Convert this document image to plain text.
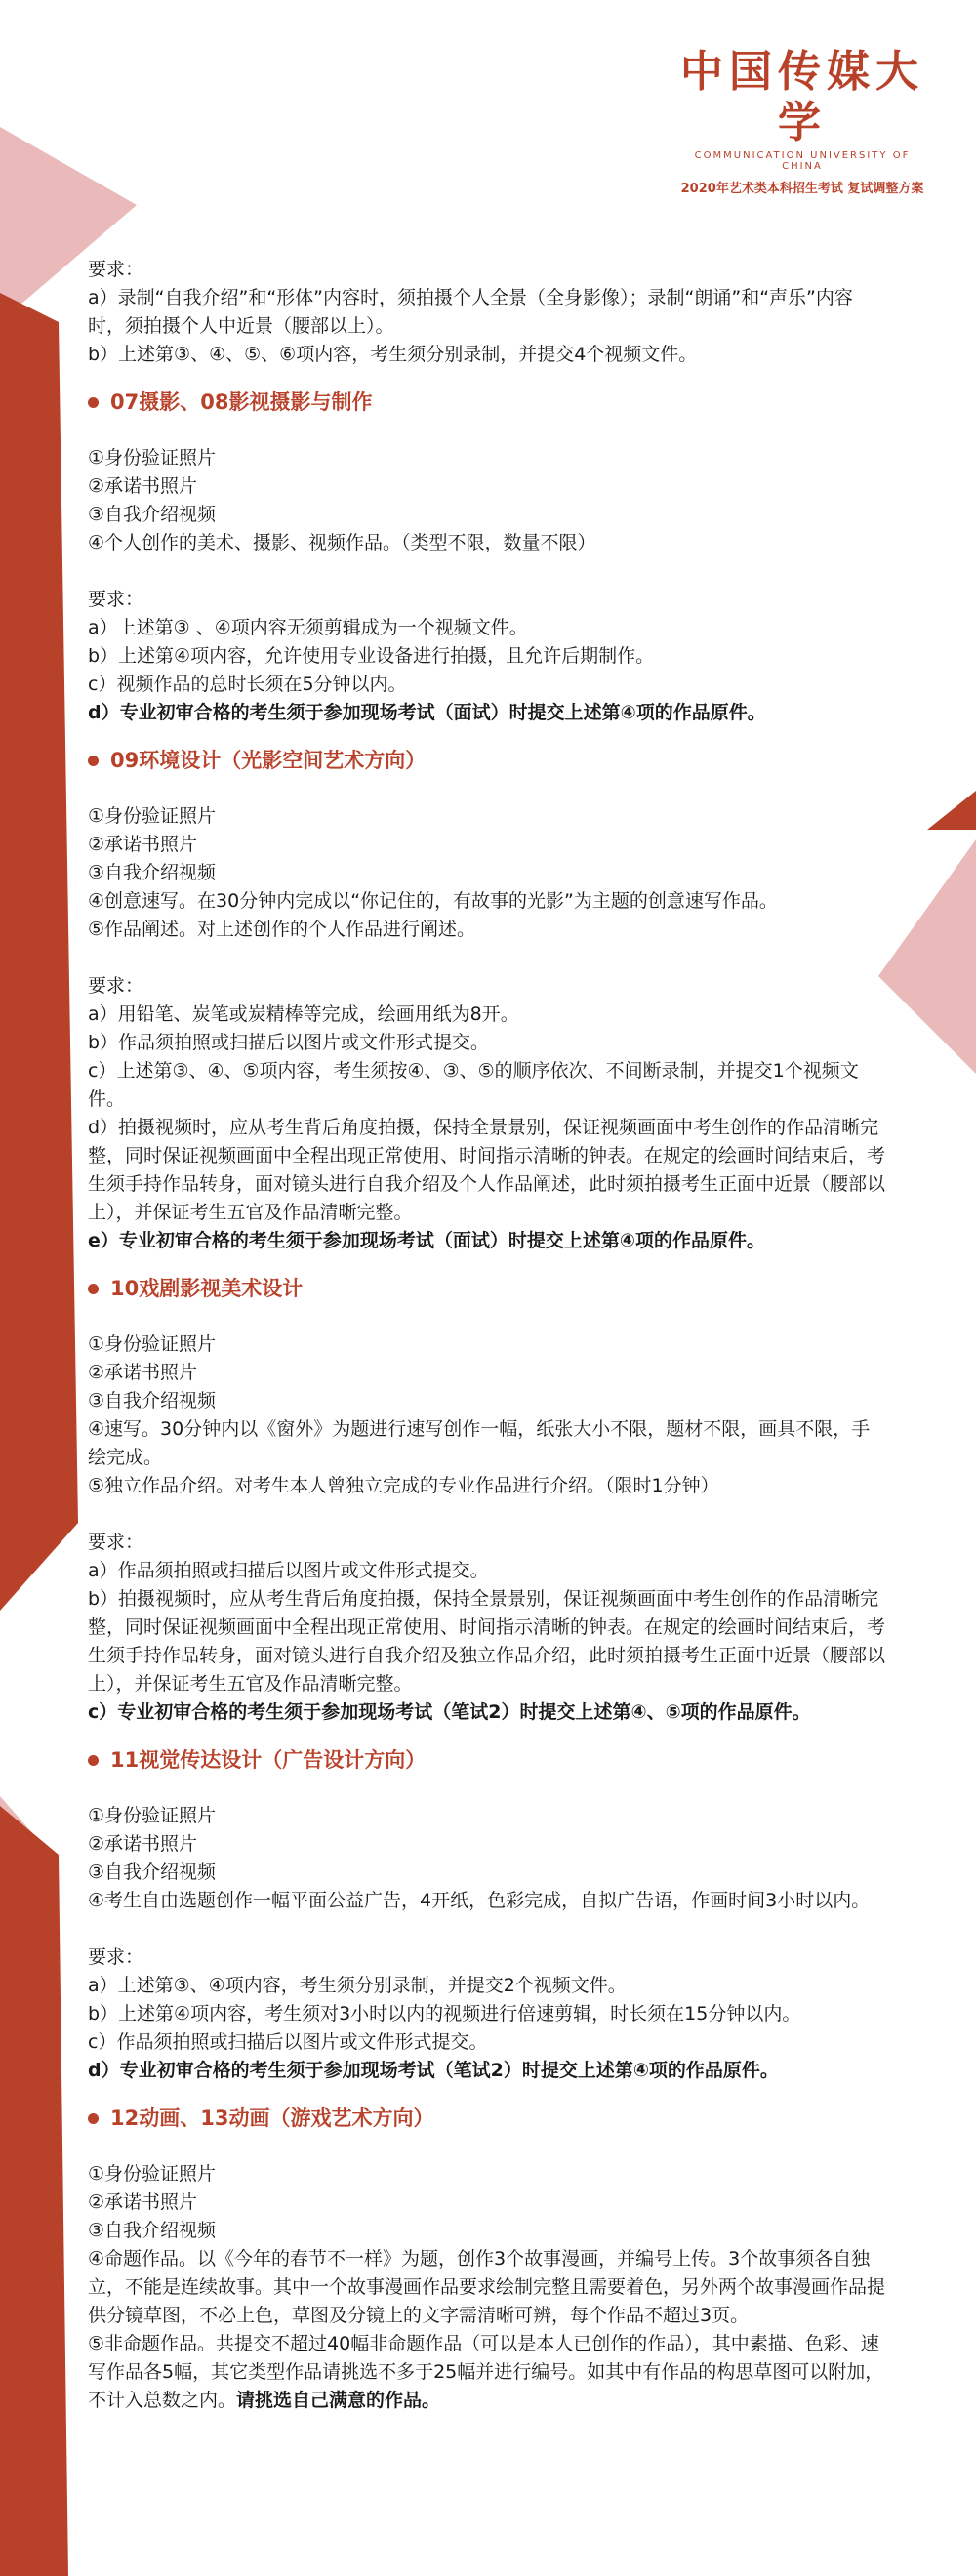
中国传媒大学
COMMUNICATION UNIVERSITY OF CHINA
2020年艺术类本科招生考试 复试调整方案
要求：
a）录制“自我介绍”和“形体”内容时，须拍摄个人全景（全身影像）；录制“朗诵”和“声乐”内容时，须拍摄个人中近景（腰部以上）。
b）上述第③、④、⑤、⑥项内容，考生须分别录制，并提交4个视频文件。
07摄影、08影视摄影与制作
①身份验证照片
②承诺书照片
③自我介绍视频
④个人创作的美术、摄影、视频作品。（类型不限，数量不限）
要求：
a）上述第③ 、④项内容无须剪辑成为一个视频文件。
b）上述第④项内容，允许使用专业设备进行拍摄，且允许后期制作。
c）视频作品的总时长须在5分钟以内。
d）专业初审合格的考生须于参加现场考试（面试）时提交上述第④项的作品原件。
09环境设计（光影空间艺术方向）
①身份验证照片
②承诺书照片
③自我介绍视频
④创意速写。在30分钟内完成以“你记住的，有故事的光影”为主题的创意速写作品。
⑤作品阐述。对上述创作的个人作品进行阐述。
要求：
a）用铅笔、炭笔或炭精棒等完成，绘画用纸为8开。
b）作品须拍照或扫描后以图片或文件形式提交。
c）上述第③、④、⑤项内容，考生须按④、③、⑤的顺序依次、不间断录制，并提交1个视频文件。
d）拍摄视频时，应从考生背后角度拍摄，保持全景景别，保证视频画面中考生创作的作品清晰完整，同时保证视频画面中全程出现正常使用、时间指示清晰的钟表。在规定的绘画时间结束后，考生须手持作品转身，面对镜头进行自我介绍及个人作品阐述，此时须拍摄考生正面中近景（腰部以上），并保证考生五官及作品清晰完整。
e）专业初审合格的考生须于参加现场考试（面试）时提交上述第④项的作品原件。
10戏剧影视美术设计
①身份验证照片
②承诺书照片
③自我介绍视频
④速写。30分钟内以《窗外》为题进行速写创作一幅，纸张大小不限，题材不限，画具不限，手绘完成。
⑤独立作品介绍。对考生本人曾独立完成的专业作品进行介绍。（限时1分钟）
要求：
a）作品须拍照或扫描后以图片或文件形式提交。
b）拍摄视频时，应从考生背后角度拍摄，保持全景景别，保证视频画面中考生创作的作品清晰完整，同时保证视频画面中全程出现正常使用、时间指示清晰的钟表。在规定的绘画时间结束后，考生须手持作品转身，面对镜头进行自我介绍及独立作品介绍，此时须拍摄考生正面中近景（腰部以上），并保证考生五官及作品清晰完整。
c）专业初审合格的考生须于参加现场考试（笔试2）时提交上述第④、⑤项的作品原件。
11视觉传达设计（广告设计方向）
①身份验证照片
②承诺书照片
③自我介绍视频
④考生自由选题创作一幅平面公益广告，4开纸，色彩完成，自拟广告语，作画时间3小时以内。
要求：
a）上述第③、④项内容，考生须分别录制，并提交2个视频文件。
b）上述第④项内容，考生须对3小时以内的视频进行倍速剪辑，时长须在15分钟以内。
c）作品须拍照或扫描后以图片或文件形式提交。
d）专业初审合格的考生须于参加现场考试（笔试2）时提交上述第④项的作品原件。
12动画、13动画（游戏艺术方向）
①身份验证照片
②承诺书照片
③自我介绍视频
④命题作品。以《今年的春节不一样》为题，创作3个故事漫画，并编号上传。3个故事须各自独立，不能是连续故事。其中一个故事漫画作品要求绘制完整且需要着色，另外两个故事漫画作品提供分镜草图，不必上色，草图及分镜上的文字需清晰可辨，每个作品不超过3页。
⑤非命题作品。共提交不超过40幅非命题作品（可以是本人已创作的作品），其中素描、色彩、速写作品各5幅，其它类型作品请挑选不多于25幅并进行编号。如其中有作品的构思草图可以附加，不计入总数之内。请挑选自己满意的作品。
